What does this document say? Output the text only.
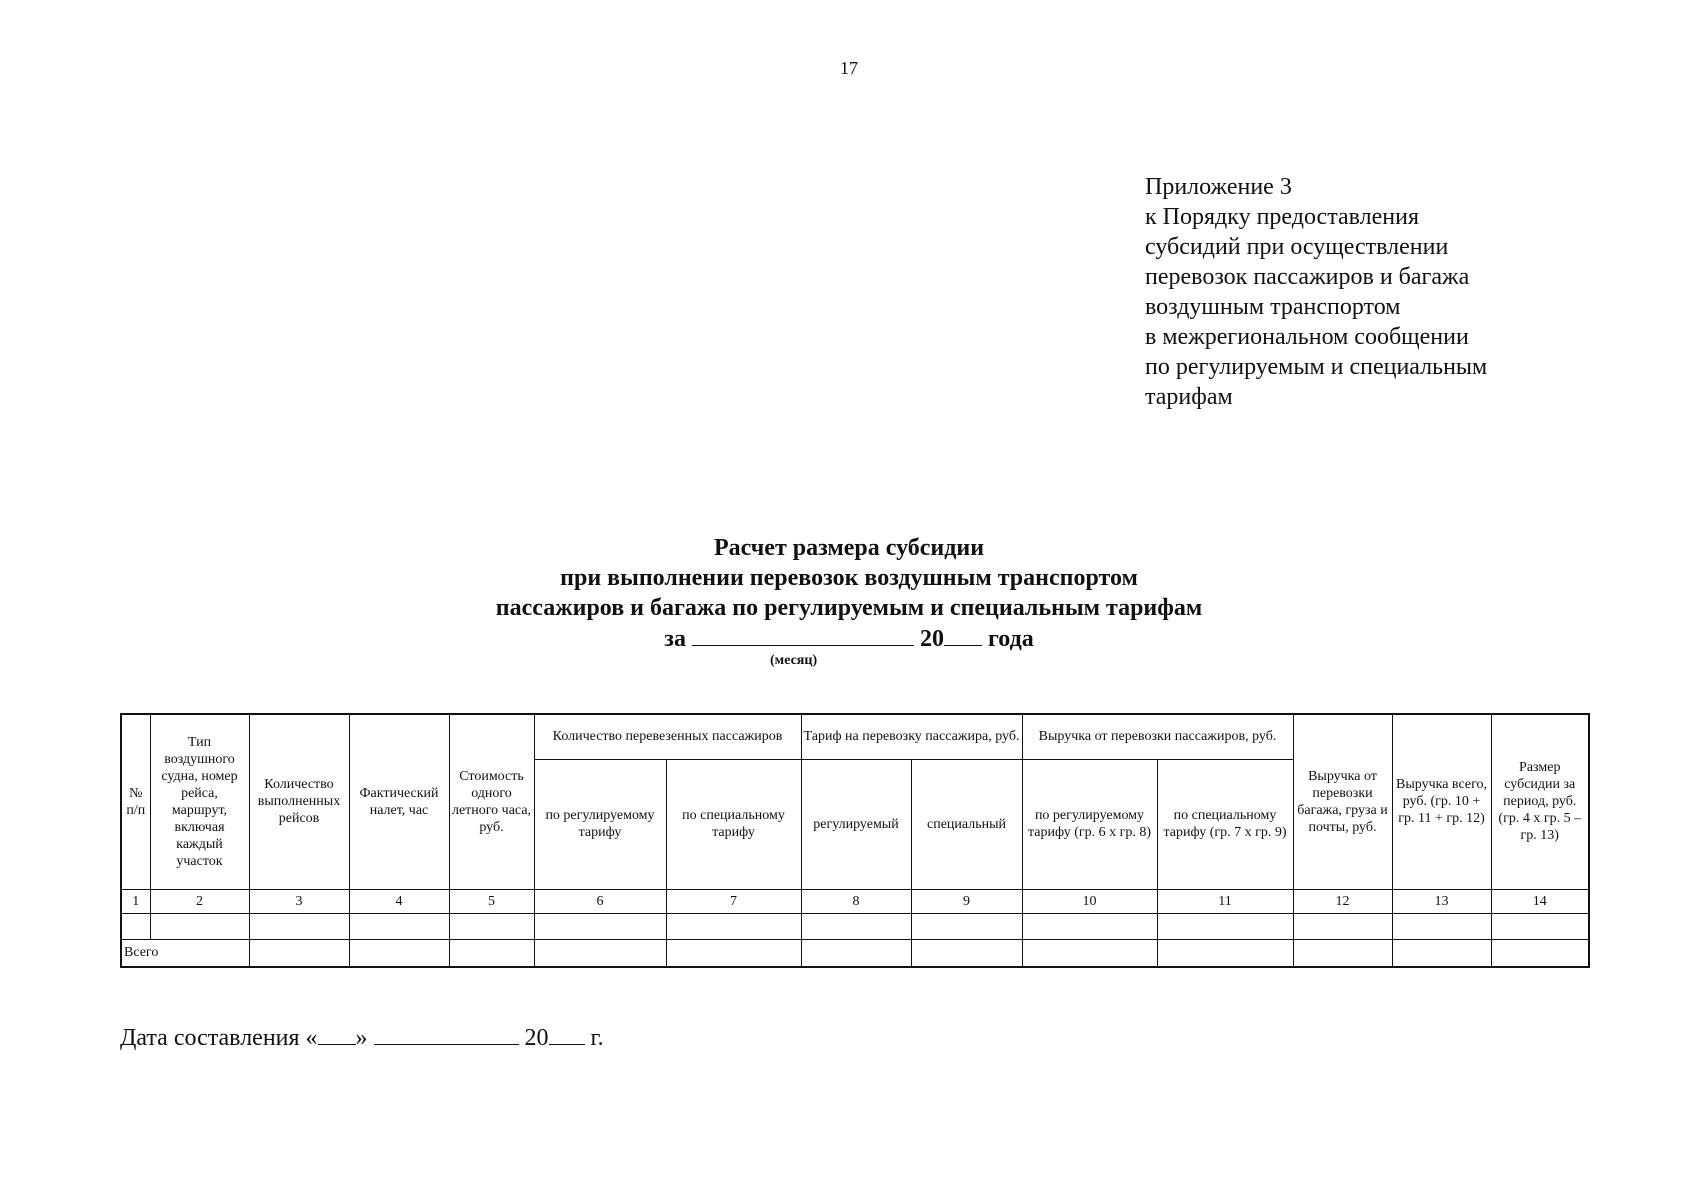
17
Приложение 3
к Порядку предоставления
субсидий при осуществлении
перевозок пассажиров и багажа
воздушным транспортом
в межрегиональном сообщении
по регулируемым и специальным
тарифам
Расчет размера субсидии
при выполнении перевозок воздушным транспортом
пассажиров и багажа по регулируемым и специальным тарифам
за	20 года
(месяц)
№ п/п	Тип воздушного судна, номер рейса, маршрут, включая каждый участок	Количество выполненных рейсов	Фактический налет, час	Стоимость одного летного часа, руб.	Количество перевезенных пассажиров		Тариф на перевозку пассажира, руб.		Выручка от перевозки пассажиров, руб.		Выручка от перевозки багажа, груза и почты, руб.	Выручка всего, руб. (гр. 10 + гр. 11 + гр. 12)	Размер субсидии за период, руб. (гр. 4 х гр. 5 – гр. 13)
					по регулируемому тарифу	по специальному тарифу	регулируемый	специальный	по регулируемому тарифу (гр. 6 х гр. 8)	по специальному тарифу (гр. 7 х гр. 9)			
1	2	3	4	5	6	7	8	9	10	11	12	13	14

Всего													
Дата составления « »	20 г.
